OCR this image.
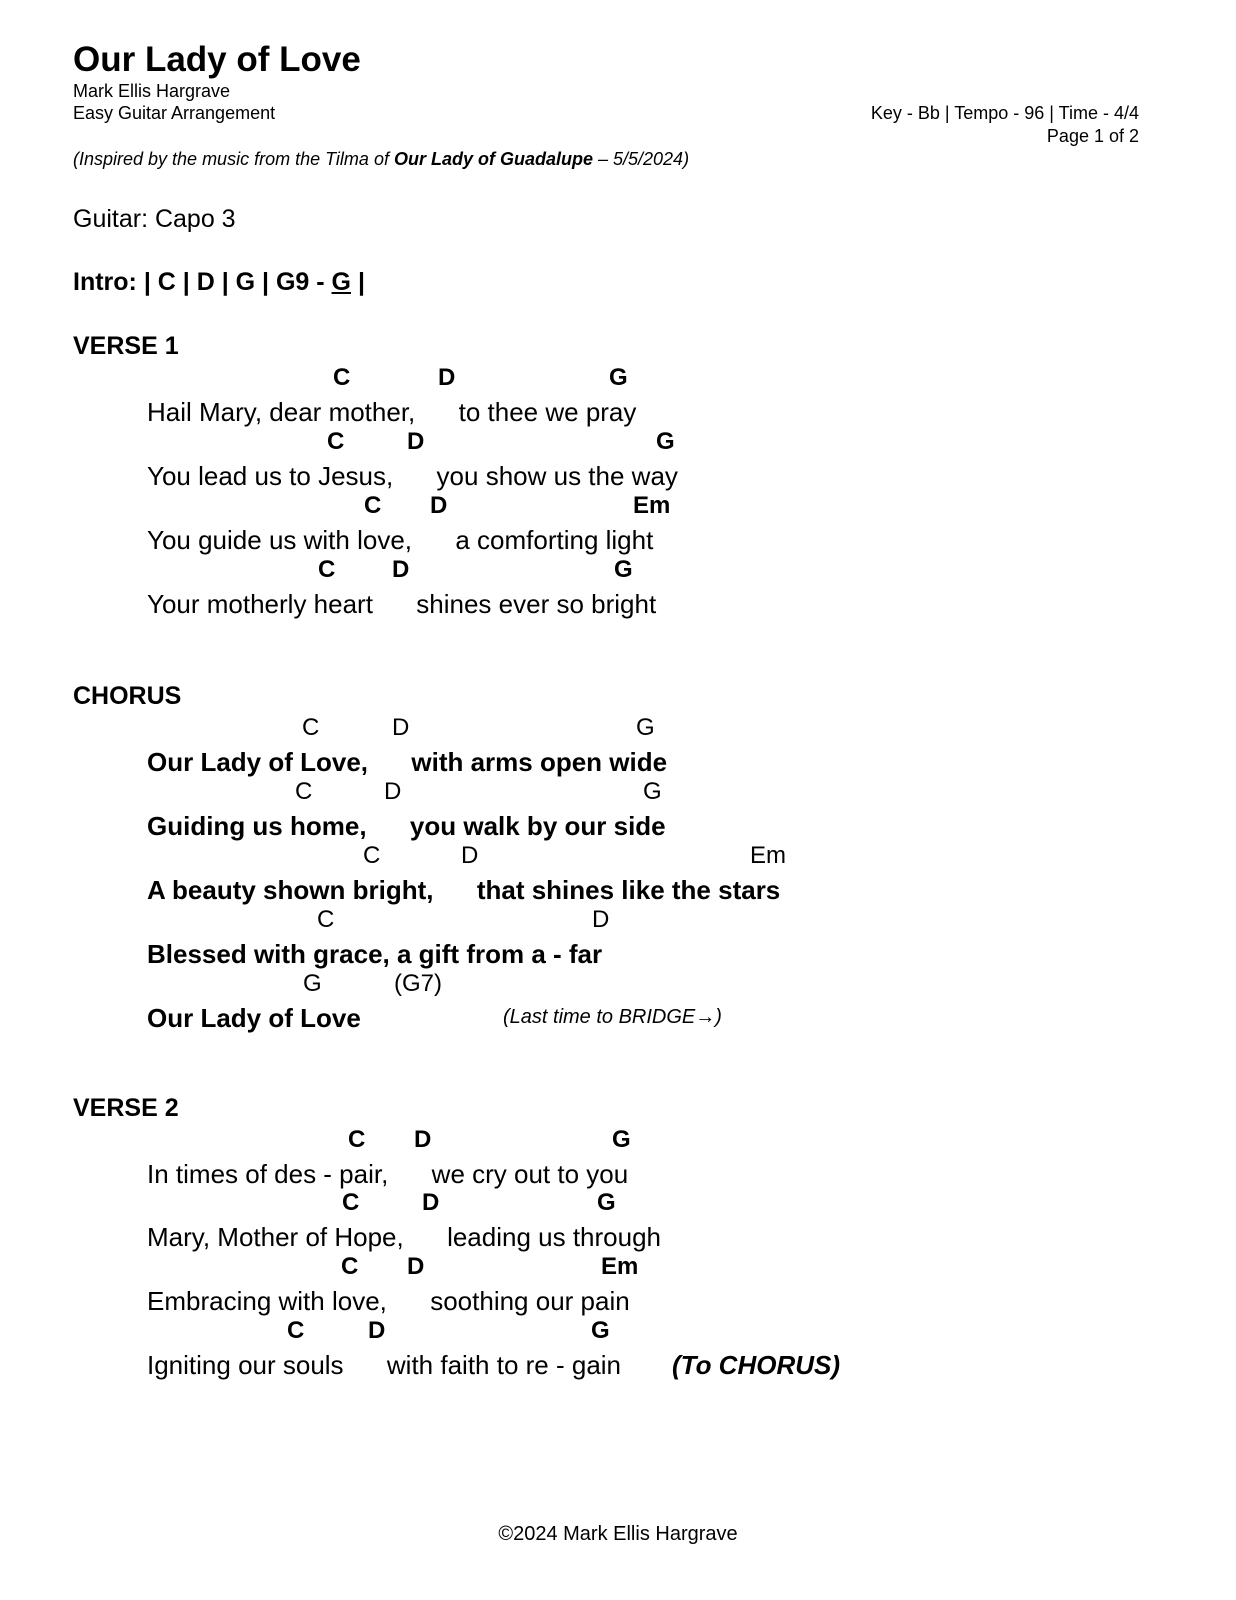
Our Lady of Love
Mark Ellis Hargrave
Easy Guitar Arrangement	Key - Bb | Tempo - 96 | Time - 4/4
Page 1 of 2
(Inspired by the music from the Tilma of Our Lady of Guadalupe – 5/5/2024)
Guitar: Capo 3
Intro: | C | D | G | G9 - G |
VERSE 1
C	D	G
Hail Mary, dear mother,      to thee we pray
C	D	G
You lead us to Jesus,      you show us the way
C D	Em
You guide us with love,      a comforting light
C D	G
Your motherly heart      shines ever so bright
CHORUS
C	D	G
Our Lady of Love,      with arms open wide
C	D	G
Guiding us home,      you walk by our side
C	D	Em
A beauty shown bright,      that shines like the stars
C	D
Blessed with grace, a gift from a - far
G	(G7)
Our Lady of Love	(Last time to BRIDGE→)
VERSE 2
C D	G
In times of des - pair,      we cry out to you
C	D	G
Mary, Mother of Hope,      leading us through
C D	Em
Embracing with love,      soothing our pain
C	D	G
Igniting our souls      with faith to re - gain (To CHORUS)
©2024 Mark Ellis Hargrave
